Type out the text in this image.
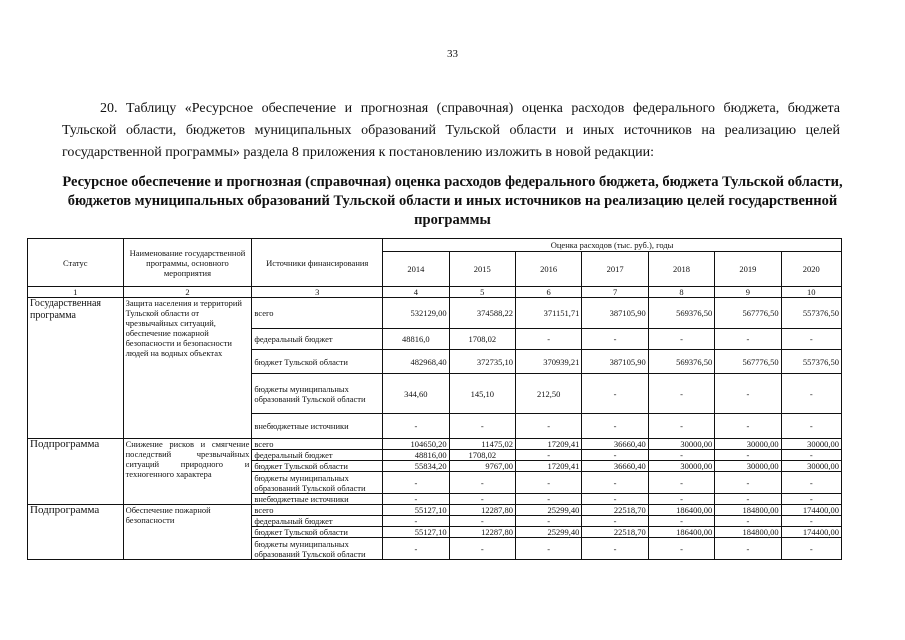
33

20. Таблицу «Ресурсное обеспечение и прогнозная (справочная) оценка расходов федерального бюджета, бюджета Тульской области, бюджетов муниципальных образований Тульской области и иных источников на реализацию целей государственной программы» раздела 8 приложения к постановлению изложить в новой редакции:

Ресурсное обеспечение и прогнозная (справочная) оценка расходов федерального бюджета, бюджета Тульской области, бюджетов муниципальных образований Тульской области и иных источников на реализацию целей государственной программы

Статус	Наименование государственной программы, основного мероприятия	Источники финансирования	Оценка расходов (тыс. руб.), годы						
			2014	2015	2016	2017	2018	2019	2020
1	2	3	4	5	6	7	8	9	10
Государственная программа	Защита населения и территорий Тульской области от чрезвычайных ситуаций, обеспечение пожарной безопасности и безопасности людей на водных объектах	всего	532129,00	374588,22	371151,71	387105,90	569376,50	567776,50	557376,50
		федеральный бюджет	48816,0	1708,02	-	-	-	-	-
		бюджет Тульской области	482968,40	372735,10	370939,21	387105,90	569376,50	567776,50	557376,50
		бюджеты муниципальных образований Тульской области	344,60	145,10	212,50	-	-	-	-
		внебюджетные источники	-	-	-	-	-	-	-
Подпрограмма	Снижение рисков и смягчение последствий чрезвычайных ситуаций природного и техногенного характера	всего	104650,20	11475,02	17209,41	36660,40	30000,00	30000,00	30000,00
		федеральный бюджет	48816,00	1708,02	-	-	-	-	-
		бюджет Тульской области	55834,20	9767,00	17209,41	36660,40	30000,00	30000,00	30000,00
		бюджеты муниципальных образований Тульской области	-	-	-	-	-	-	-
		внебюджетные источники	-	-	-	-	-	-	-
Подпрограмма	Обеспечение пожарной безопасности	всего	55127,10	12287,80	25299,40	22518,70	186400,00	184800,00	174400,00
		федеральный бюджет	-	-	-	-	-	-	-
		бюджет Тульской области	55127,10	12287,80	25299,40	22518,70	186400,00	184800,00	174400,00
		бюджеты муниципальных образований Тульской области	-	-	-	-	-	-	-
